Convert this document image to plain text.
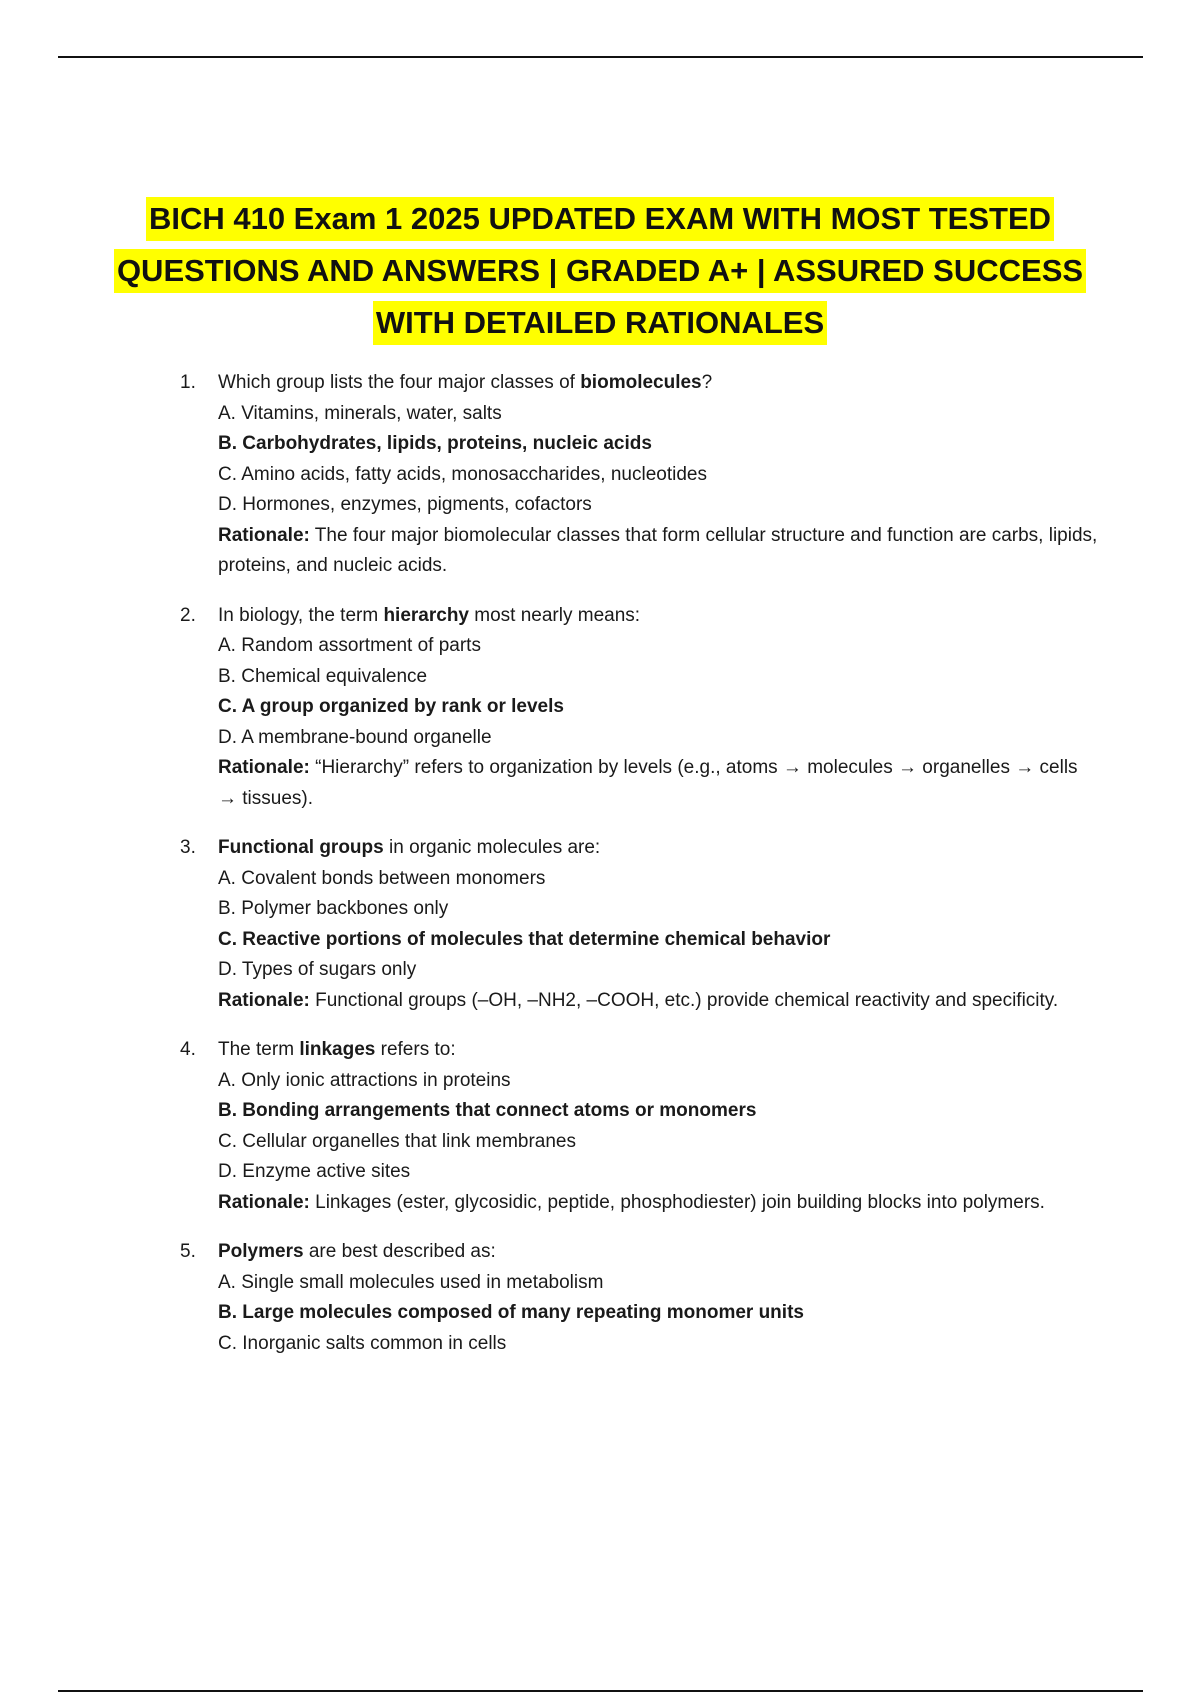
BICH 410 Exam 1 2025 UPDATED EXAM WITH MOST TESTED
QUESTIONS AND ANSWERS | GRADED A+ | ASSURED SUCCESS
WITH DETAILED RATIONALES
1. Which group lists the four major classes of biomolecules?
A. Vitamins, minerals, water, salts
B. Carbohydrates, lipids, proteins, nucleic acids
C. Amino acids, fatty acids, monosaccharides, nucleotides
D. Hormones, enzymes, pigments, cofactors
Rationale: The four major biomolecular classes that form cellular structure and function are carbs, lipids, proteins, and nucleic acids.
2. In biology, the term hierarchy most nearly means:
A. Random assortment of parts
B. Chemical equivalence
C. A group organized by rank or levels
D. A membrane-bound organelle
Rationale: “Hierarchy” refers to organization by levels (e.g., atoms → molecules → organelles → cells → tissues).
3. Functional groups in organic molecules are:
A. Covalent bonds between monomers
B. Polymer backbones only
C. Reactive portions of molecules that determine chemical behavior
D. Types of sugars only
Rationale: Functional groups (–OH, –NH2, –COOH, etc.) provide chemical reactivity and specificity.
4. The term linkages refers to:
A. Only ionic attractions in proteins
B. Bonding arrangements that connect atoms or monomers
C. Cellular organelles that link membranes
D. Enzyme active sites
Rationale: Linkages (ester, glycosidic, peptide, phosphodiester) join building blocks into polymers.
5. Polymers are best described as:
A. Single small molecules used in metabolism
B. Large molecules composed of many repeating monomer units
C. Inorganic salts common in cells
